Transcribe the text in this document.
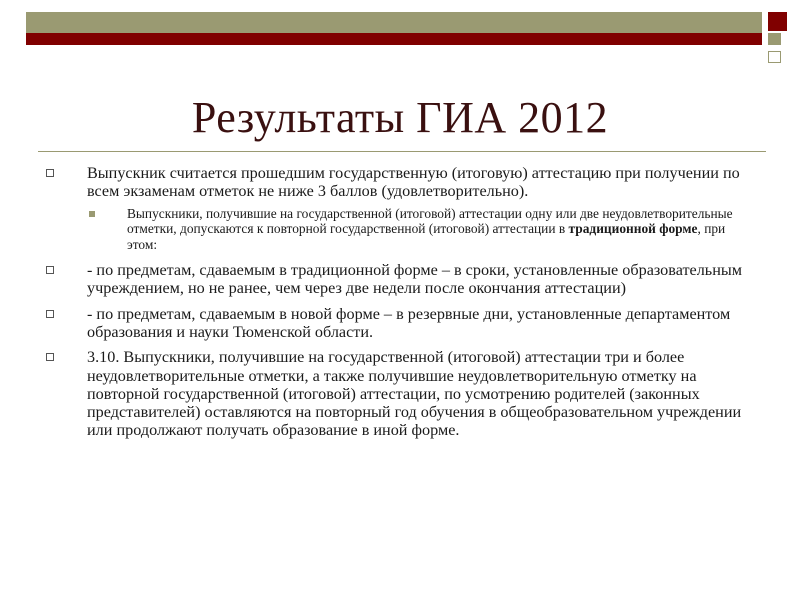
Результаты ГИА 2012
Выпускник считается прошедшим государственную (итоговую) аттестацию при получении по всем экзаменам отметок не ниже 3 баллов (удовлетворительно).
Выпускники, получившие на государственной (итоговой) аттестации одну или две неудовлетворительные отметки, допускаются к повторной государственной (итоговой) аттестации в традиционной форме, при этом:
- по предметам, сдаваемым в традиционной форме – в сроки, установленные образовательным учреждением, но не ранее, чем через две недели после окончания аттестации)
- по предметам, сдаваемым в новой форме – в резервные дни, установленные департаментом образования и науки Тюменской области.
3.10. Выпускники, получившие на государственной (итоговой) аттестации три и более неудовлетворительные отметки, а также получившие неудовлетворительную отметку на повторной государственной (итоговой) аттестации, по усмотрению родителей (законных представителей) оставляются на повторный год обучения в общеобразовательном учреждении или продолжают получать образование в иной форме.
